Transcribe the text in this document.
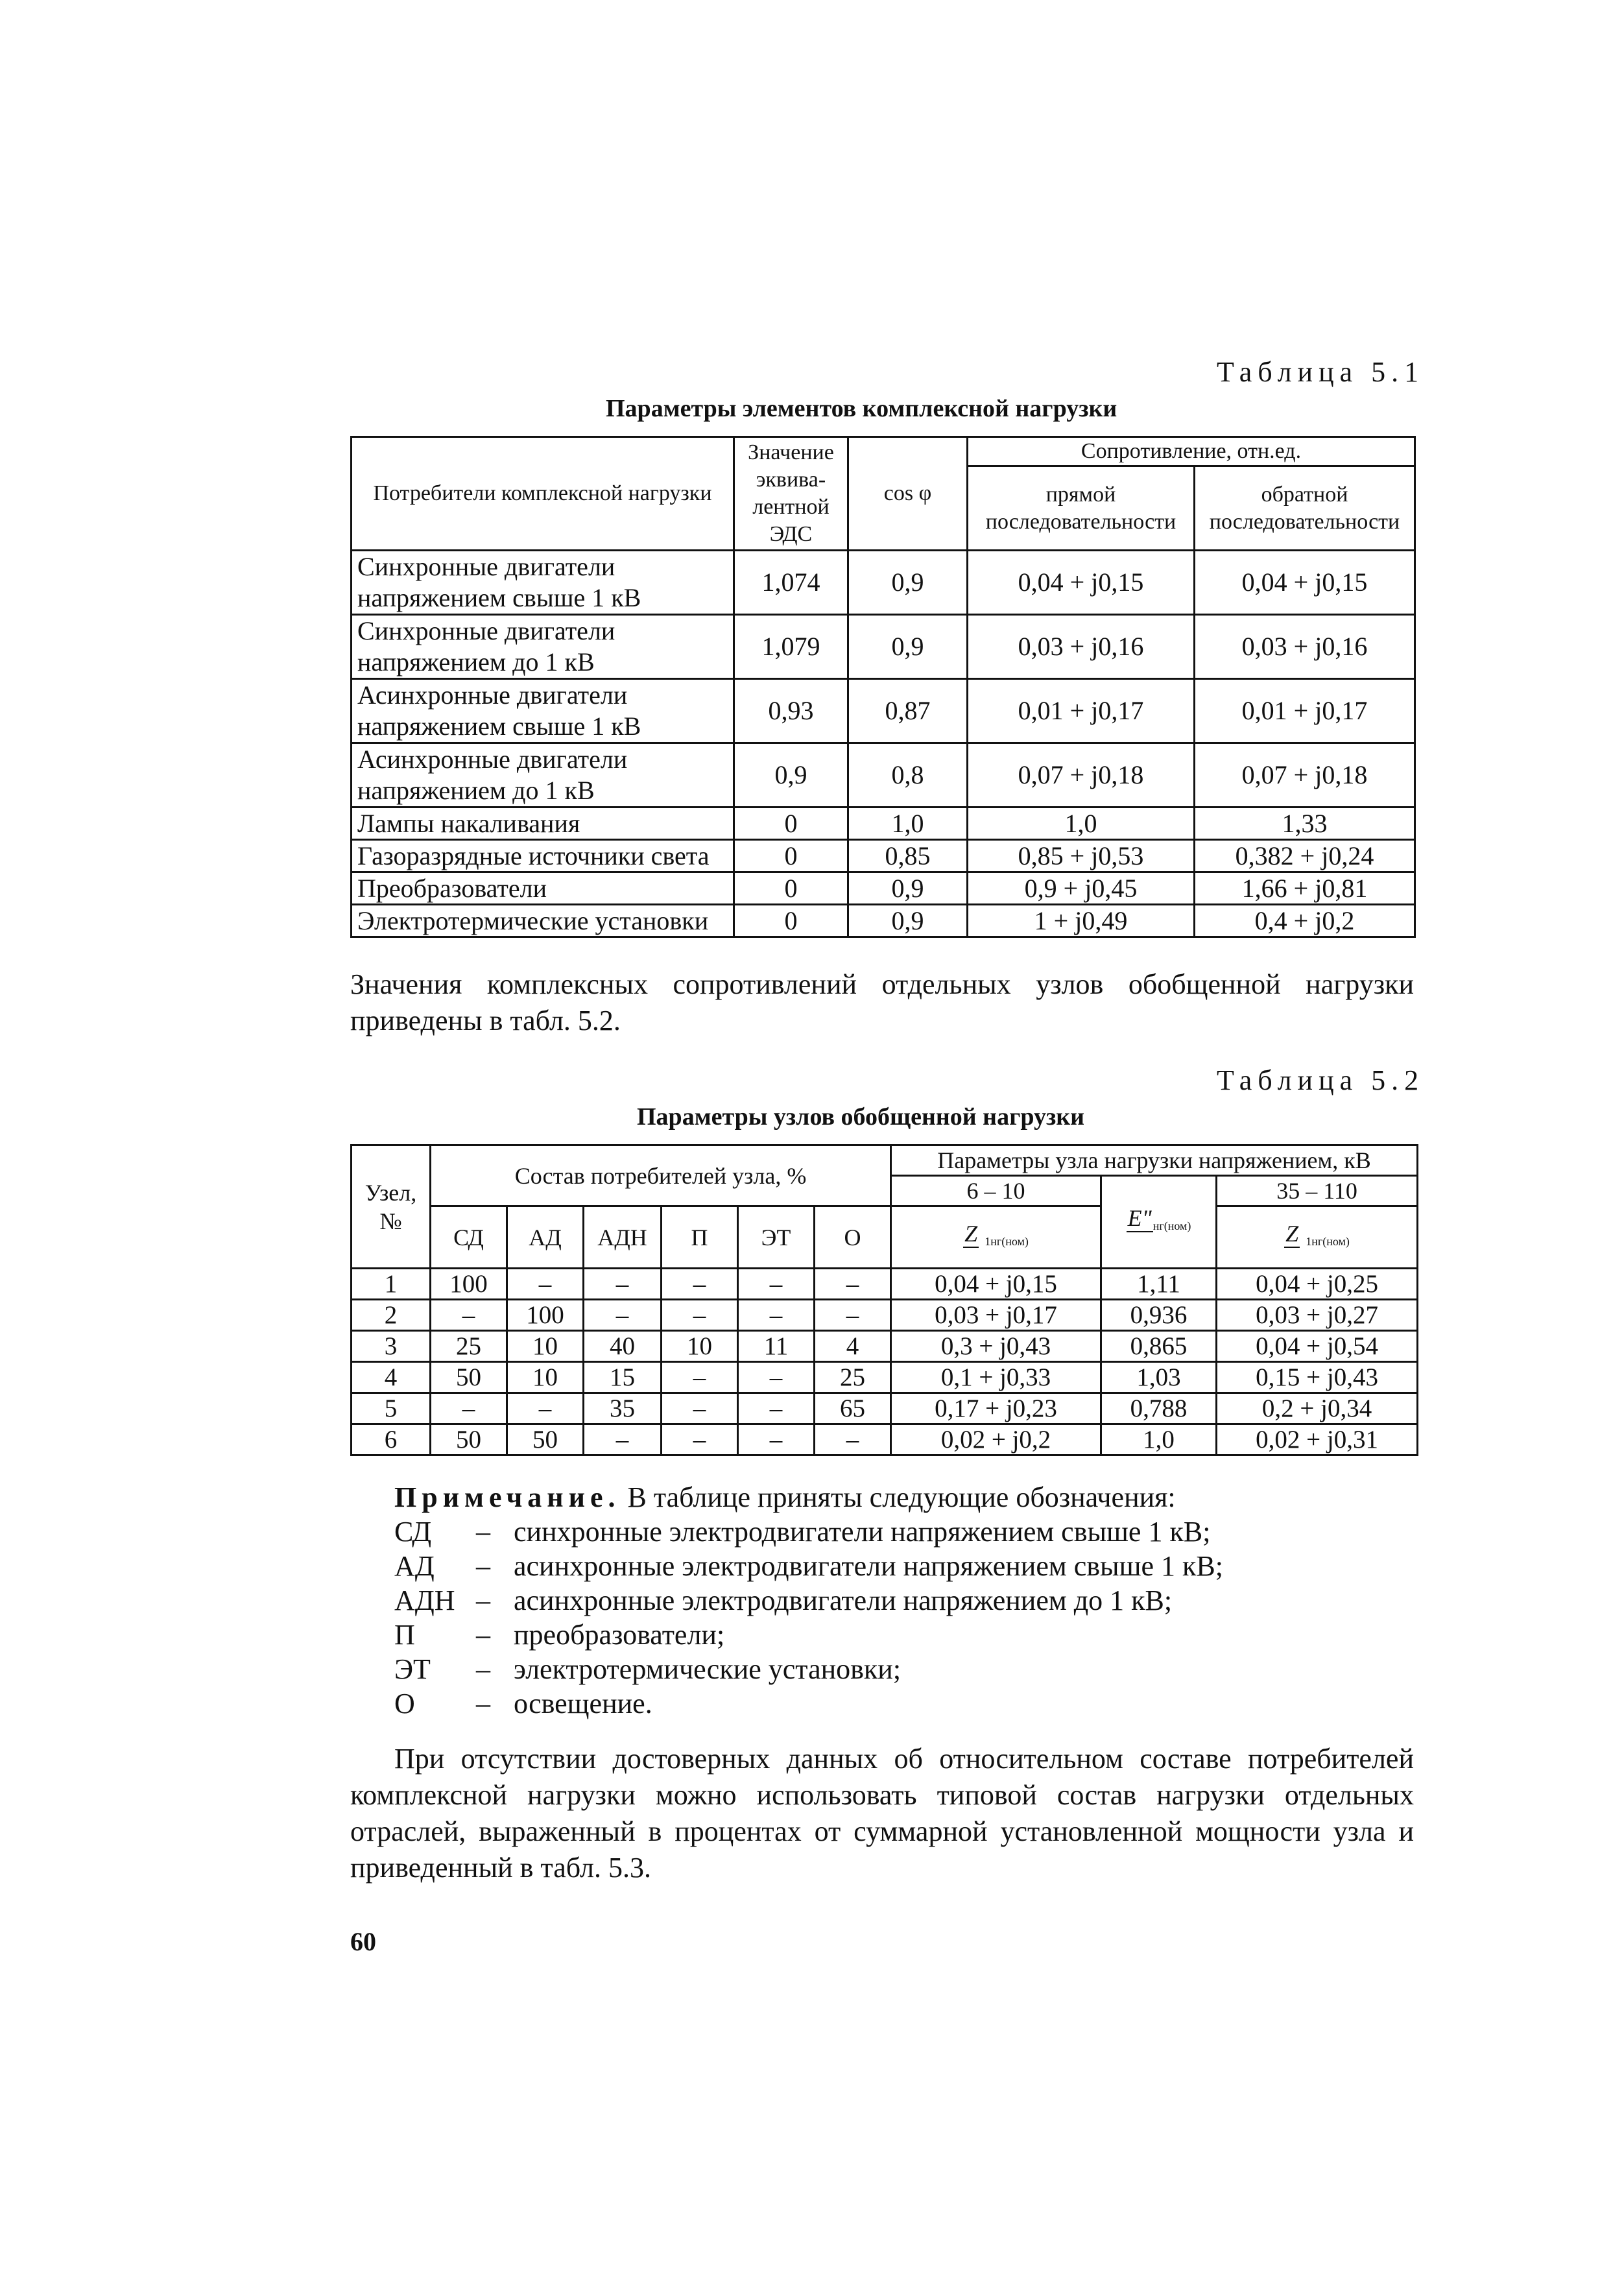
Таблица 5.1
Параметры элементов комплексной нагрузки
Потребители комплексной нагрузки	Значение эквива-лентной ЭДС	cos φ	Сопротивление, отн.ед.	
			прямой последовательности	обратной последовательности
Синхронные двигатели напряжением свыше 1 кВ	1,074	0,9	0,04 + j0,15	0,04 + j0,15
Синхронные двигатели напряжением до 1 кВ	1,079	0,9	0,03 + j0,16	0,03 + j0,16
Асинхронные двигатели напряжением свыше 1 кВ	0,93	0,87	0,01 + j0,17	0,01 + j0,17
Асинхронные двигатели напряжением до 1 кВ	0,9	0,8	0,07 + j0,18	0,07 + j0,18
Лампы накаливания	0	1,0	1,0	1,33
Газоразрядные источники света	0	0,85	0,85 + j0,53	0,382 + j0,24
Преобразователи	0	0,9	0,9 + j0,45	1,66 + j0,81
Электротермические установки	0	0,9	1 + j0,49	0,4 + j0,2
Значения комплексных сопротивлений отдельных узлов обобщенной нагрузки приведены в табл. 5.2.
Таблица 5.2
Параметры узлов обобщенной нагрузки
Узел, №	Состав потребителей узла, %						Параметры узла нагрузки напряжением, кВ		
							6 – 10	E" $_{нг(ном)}$	35 – 110
	СД	АД	АДН	П	ЭТ	О	Z $_{1нг(ном)}$		Z $_{1нг(ном)}$
1	100	–	–	–	–	–	0,04 + j0,15	1,11	0,04 + j0,25
2	–	100	–	–	–	–	0,03 + j0,17	0,936	0,03 + j0,27
3	25	10	40	10	11	4	0,3 + j0,43	0,865	0,04 + j0,54
4	50	10	15	–	–	25	0,1 + j0,33	1,03	0,15 + j0,43
5	–	–	35	–	–	65	0,17 + j0,23	0,788	0,2 + j0,34
6	50	50	–	–	–	–	0,02 + j0,2	1,0	0,02 + j0,31
Примечание. В таблице приняты следующие обозначения:
СД	– синхронные электродвигатели напряжением свыше 1 кВ;
АД	– асинхронные электродвигатели напряжением свыше 1 кВ;
АДН – асинхронные электродвигатели напряжением до 1 кВ;
П	– преобразователи;
ЭТ	– электротермические установки;
О	– освещение.
При отсутствии достоверных данных об относительном составе потребителей комплексной нагрузки можно использовать типовой состав нагрузки отдельных отраслей, выраженный в процентах от суммарной установленной мощности узла и приведенный в табл. 5.3.
60
